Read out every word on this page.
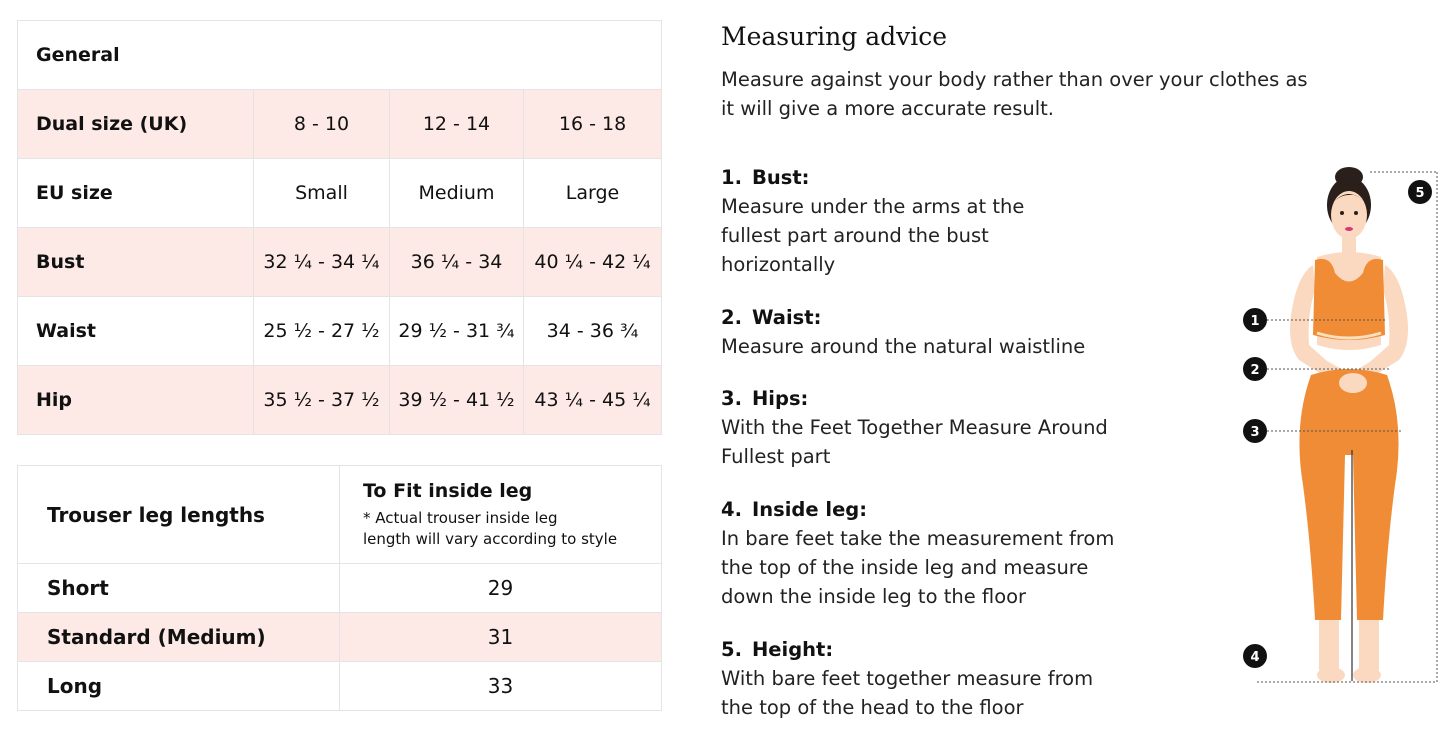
General			
Dual size (UK)	8 - 10	12 - 14	16 - 18
EU size	Small	Medium	Large
Bust	32 ¼ - 34 ¼	36 ¼ - 34	40 ¼ - 42 ¼
Waist	25 ½ - 27 ½	29 ½ - 31 ¾	34 - 36 ¾
Hip	35 ½ - 37 ½	39 ½ - 41 ½	43 ¼ - 45 ¼
Trouser leg lengths	To Fit inside leg
* Actual trouser inside leg
length will vary according to style

Short	29
Standard (Medium)	31
Long	33
Measuring advice
Measure against your body rather than over your clothes as
it will give a more accurate result.
1. Bust:
Measure under the arms at the
fullest part around the bust
horizontally
2. Waist:
Measure around the natural waistline
3. Hips:
With the Feet Together Measure Around
Fullest part
4. Inside leg:
In bare feet take the measurement from
the top of the inside leg and measure
down the inside leg to the floor
5. Height:
With bare feet together measure from
the top of the head to the floor
1
2
3
4
5
